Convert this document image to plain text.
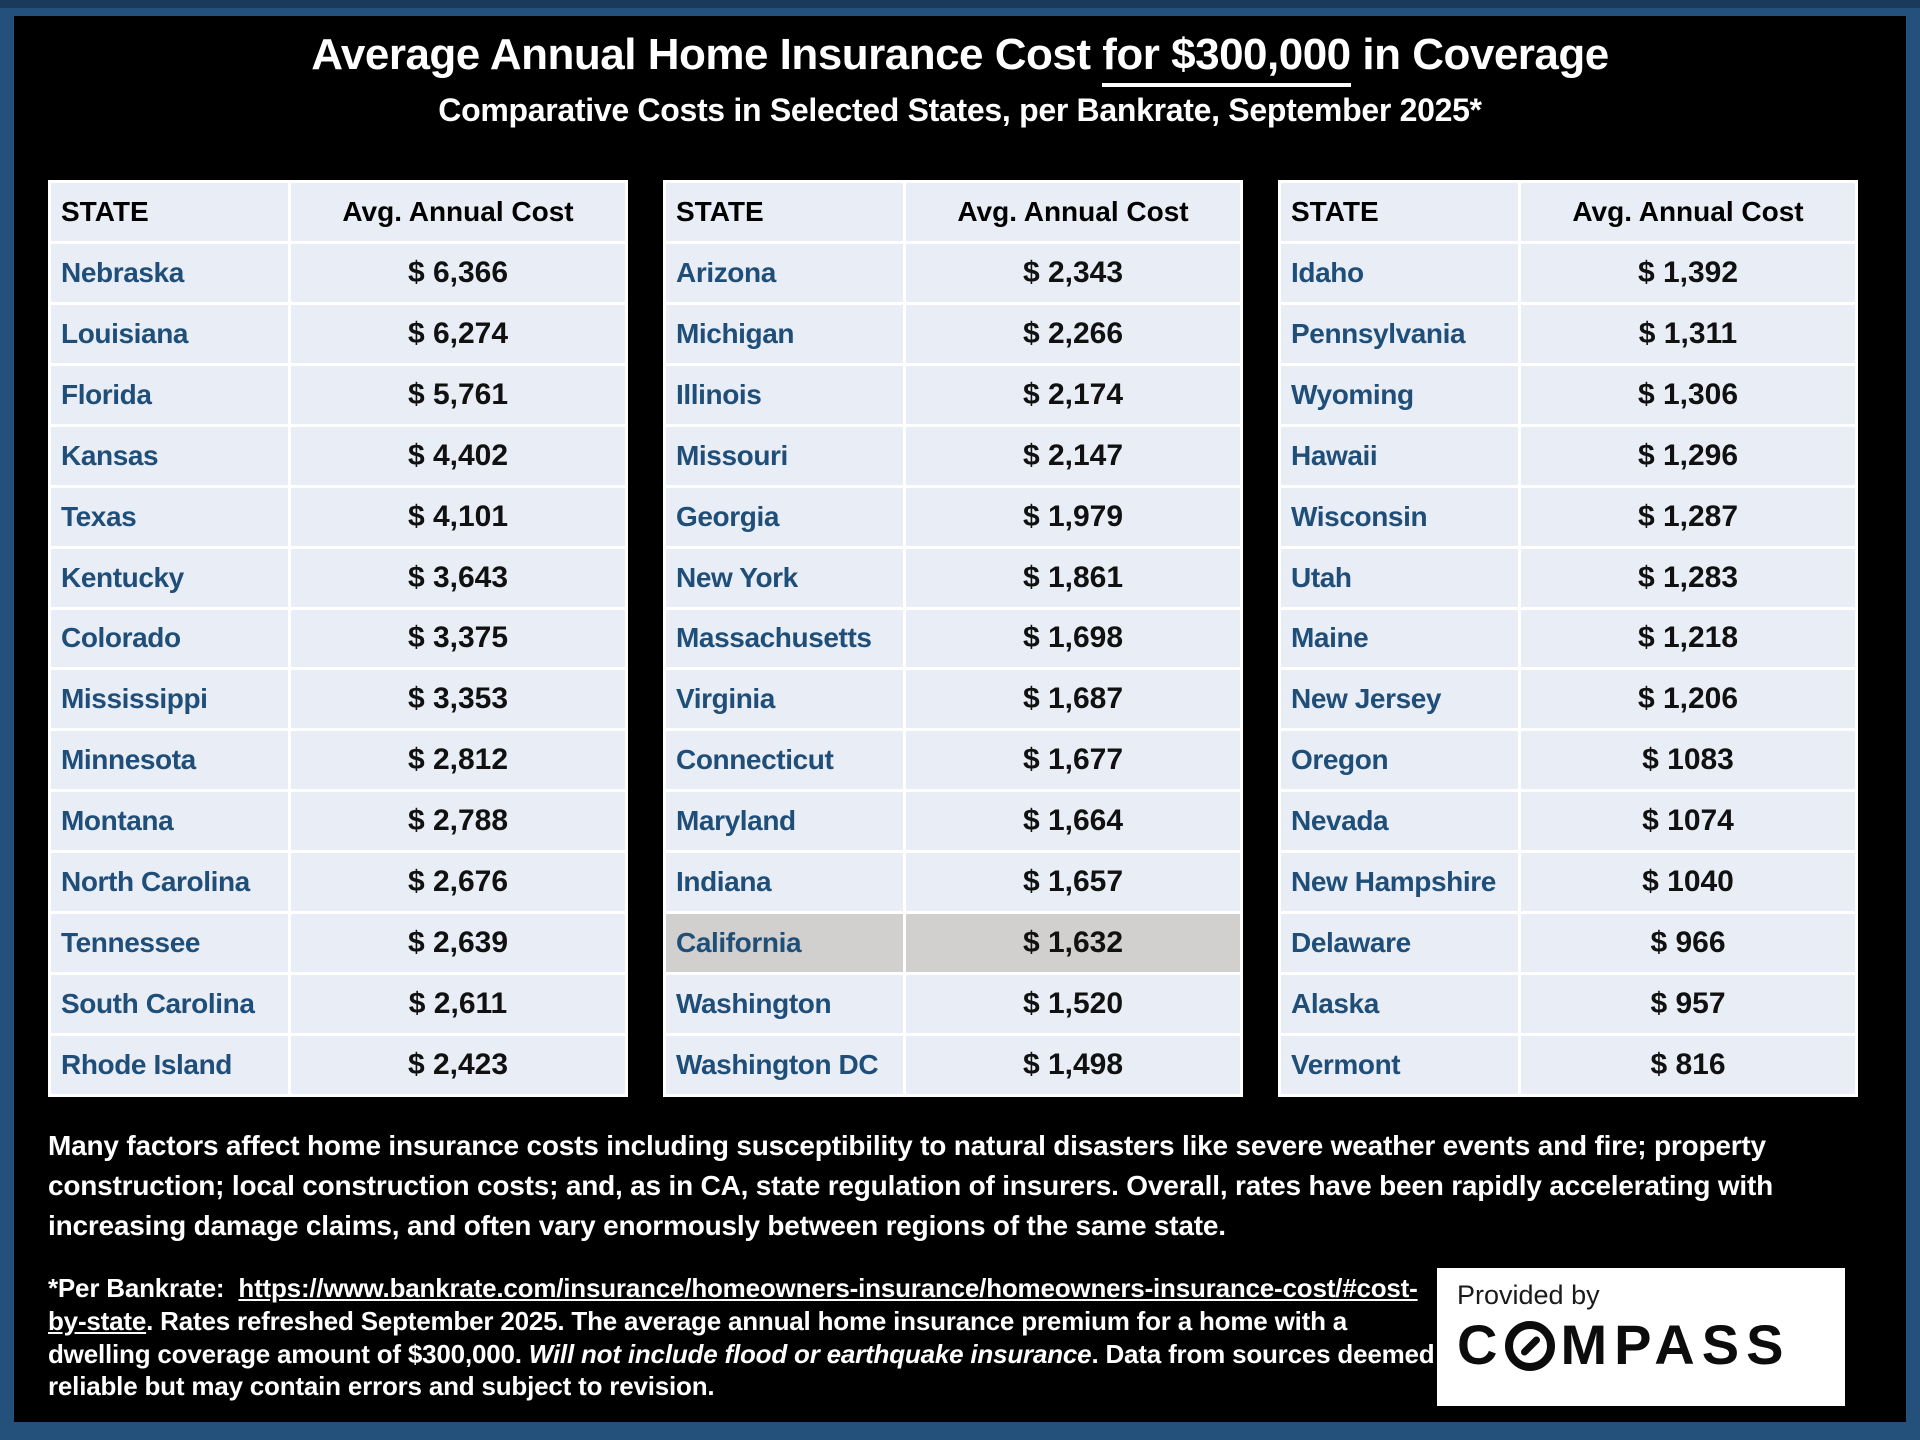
Average Annual Home Insurance Cost for $300,000 in Coverage
Comparative Costs in Selected States, per Bankrate, September 2025*
STATE	Avg. Annual Cost
Nebraska	$ 6,366
Louisiana	$ 6,274
Florida	$ 5,761
Kansas	$ 4,402
Texas	$ 4,101
Kentucky	$ 3,643
Colorado	$ 3,375
Mississippi	$ 3,353
Minnesota	$ 2,812
Montana	$ 2,788
North Carolina	$ 2,676
Tennessee	$ 2,639
South Carolina	$ 2,611
Rhode Island	$ 2,423
STATE	Avg. Annual Cost
Arizona	$ 2,343
Michigan	$ 2,266
Illinois	$ 2,174
Missouri	$ 2,147
Georgia	$ 1,979
New York	$ 1,861
Massachusetts	$ 1,698
Virginia	$ 1,687
Connecticut	$ 1,677
Maryland	$ 1,664
Indiana	$ 1,657
California	$ 1,632
Washington	$ 1,520
Washington DC	$ 1,498
STATE	Avg. Annual Cost
Idaho	$ 1,392
Pennsylvania	$ 1,311
Wyoming	$ 1,306
Hawaii	$ 1,296
Wisconsin	$ 1,287
Utah	$ 1,283
Maine	$ 1,218
New Jersey	$ 1,206
Oregon	$ 1083
Nevada	$ 1074
New Hampshire	$ 1040
Delaware	$ 966
Alaska	$ 957
Vermont	$ 816

Many factors affect home insurance costs including susceptibility to natural disasters like severe weather events and fire; property construction; local construction costs; and, as in CA, state regulation of insurers. Overall, rates have been rapidly accelerating with increasing damage claims, and often vary enormously between regions of the same state.

*Per Bankrate: https://www.bankrate.com/insurance/homeowners-insurance/homeowners-insurance-cost/#cost-by-state. Rates refreshed September 2025. The average annual home insurance premium for a home with a dwelling coverage amount of $300,000. Will not include flood or earthquake insurance. Data from sources deemed reliable but may contain errors and subject to revision.

Provided by
C MPASS
